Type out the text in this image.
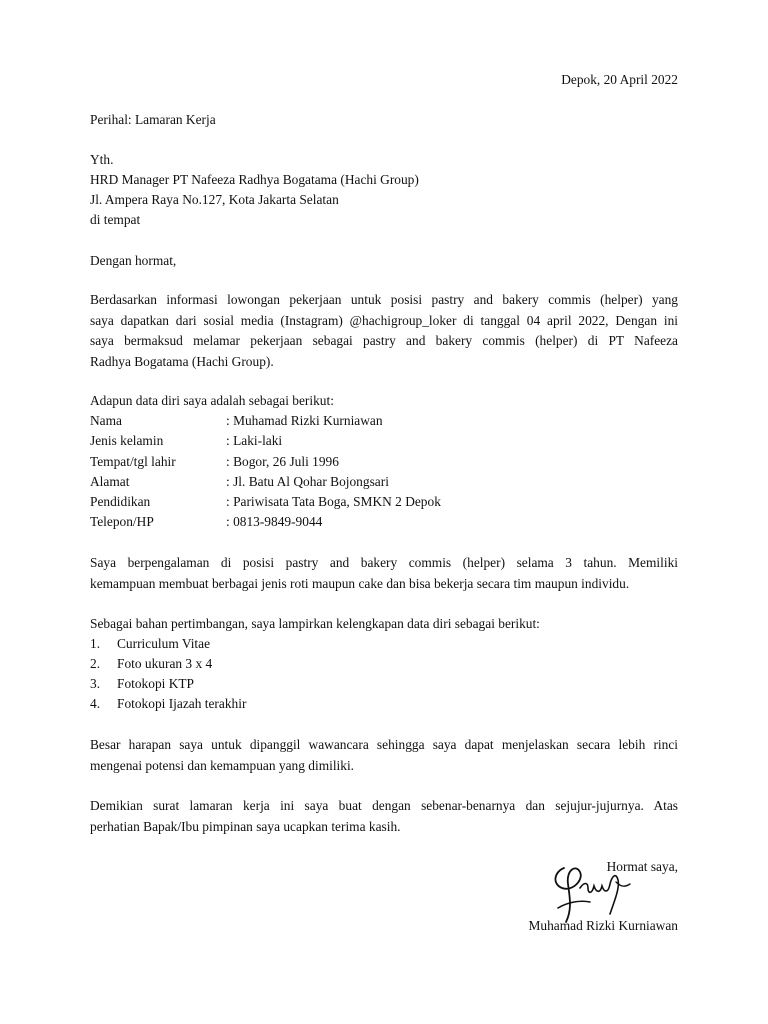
Depok, 20 April 2022
Perihal: Lamaran Kerja
Yth.
HRD Manager PT Nafeeza Radhya Bogatama (Hachi Group)
Jl. Ampera Raya No.127, Kota Jakarta Selatan
di tempat
Dengan hormat,
Berdasarkan informasi lowongan pekerjaan untuk posisi pastry and bakery commis (helper) yang
saya dapatkan dari sosial media (Instagram) @hachigroup_loker di tanggal 04 april 2022, Dengan ini
saya bermaksud melamar pekerjaan sebagai pastry and bakery commis (helper) di PT Nafeeza
Radhya Bogatama (Hachi Group).
Adapun data diri saya adalah sebagai berikut:
Nama	: Muhamad Rizki Kurniawan
Jenis kelamin	: Laki-laki
Tempat/tgl lahir	: Bogor, 26 Juli 1996
Alamat	: Jl. Batu Al Qohar Bojongsari
Pendidikan	: Pariwisata Tata Boga, SMKN 2 Depok
Telepon/HP	: 0813-9849-9044
Saya berpengalaman di posisi pastry and bakery commis (helper) selama 3 tahun. Memiliki
kemampuan membuat berbagai jenis roti maupun cake dan bisa bekerja secara tim maupun individu.
Sebagai bahan pertimbangan, saya lampirkan kelengkapan data diri sebagai berikut:
1. Curriculum Vitae
2. Foto ukuran 3 x 4
3. Fotokopi KTP
4. Fotokopi Ijazah terakhir
Besar harapan saya untuk dipanggil wawancara sehingga saya dapat menjelaskan secara lebih rinci
mengenai potensi dan kemampuan yang dimiliki.
Demikian surat lamaran kerja ini saya buat dengan sebenar-benarnya dan sejujur-jujurnya. Atas
perhatian Bapak/Ibu pimpinan saya ucapkan terima kasih.
Hormat saya,
Muhamad Rizki Kurniawan
